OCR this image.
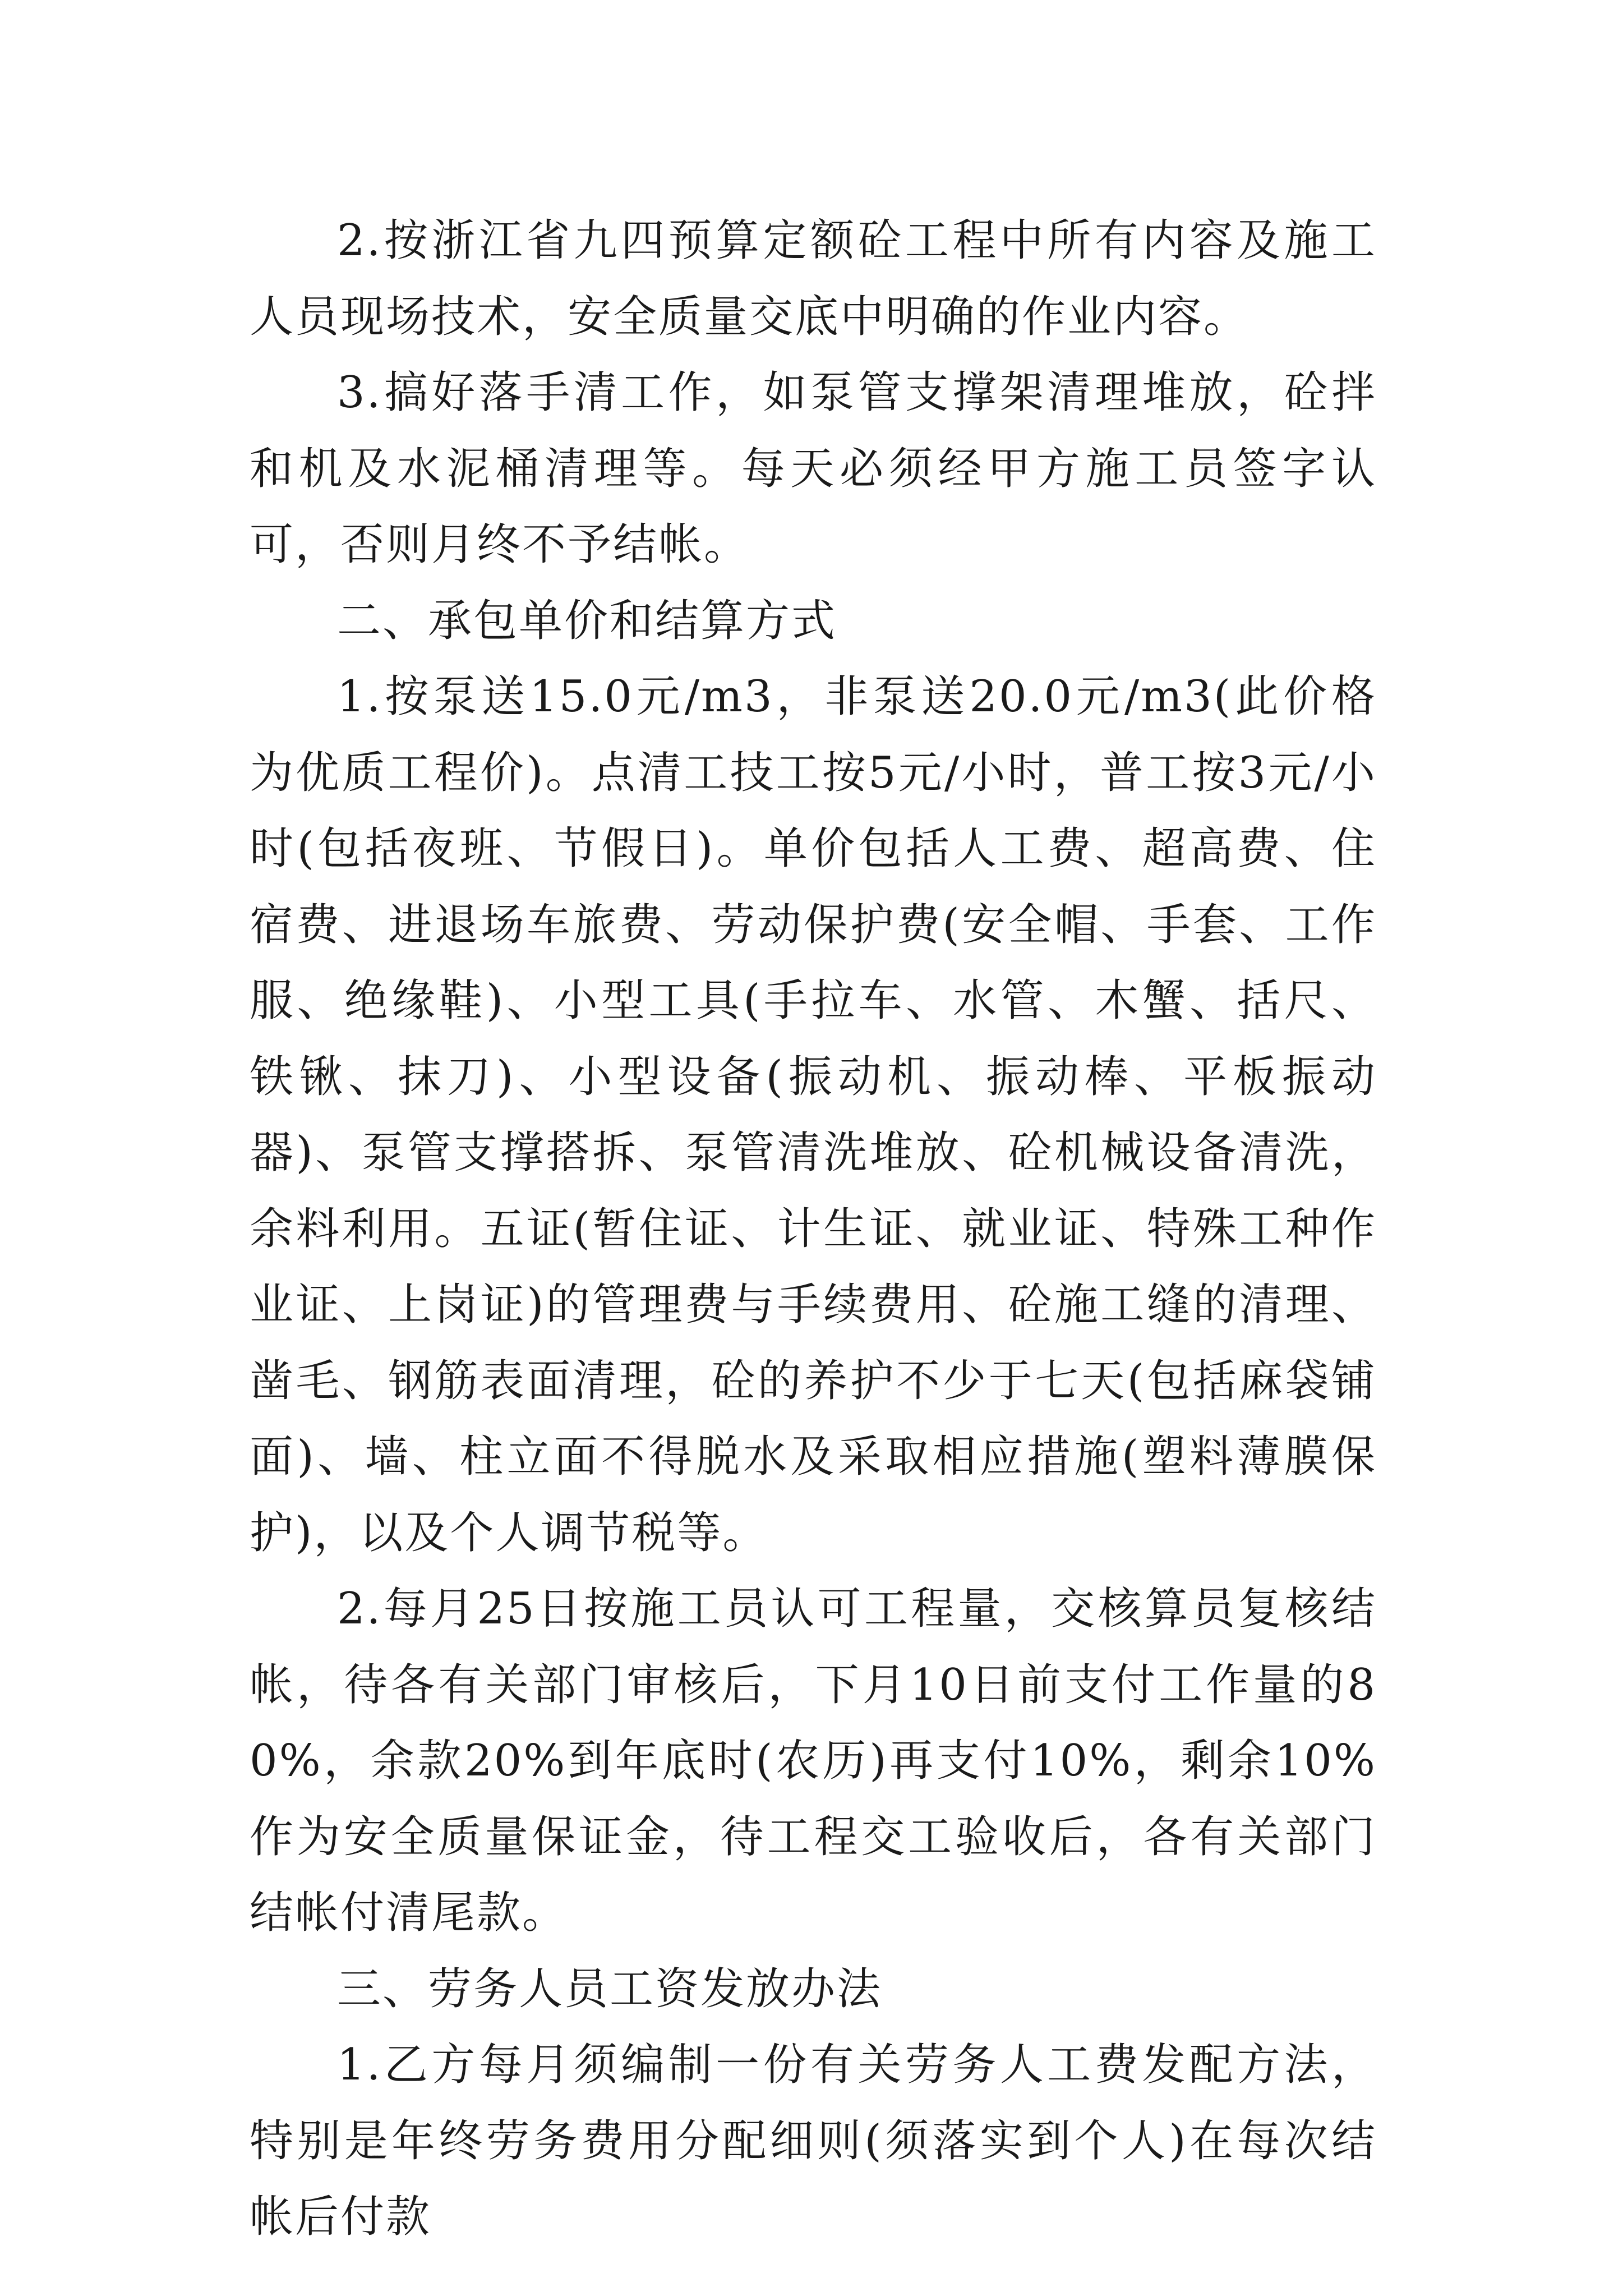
2.按浙江省九四预算定额砼工程中所有内容及施工人员现场技术，安全质量交底中明确的作业内容。

3.搞好落手清工作，如泵管支撑架清理堆放，砼拌和机及水泥桶清理等。每天必须经甲方施工员签字认可，否则月终不予结帐。

二、承包单价和结算方式

1.按泵送15.0元/m3，非泵送20.0元/m3(此价格为优质工程价)。点清工技工按5元/小时，普工按3元/小时(包括夜班、节假日)。单价包括人工费、超高费、住宿费、进退场车旅费、劳动保护费(安全帽、手套、工作服、绝缘鞋)、小型工具(手拉车、水管、木蟹、括尺、铁锹、抹刀)、小型设备(振动机、振动棒、平板振动器)、泵管支撑搭拆、泵管清洗堆放、砼机械设备清洗，余料利用。五证(暂住证、计生证、就业证、特殊工种作业证、上岗证)的管理费与手续费用、砼施工缝的清理、凿毛、钢筋表面清理，砼的养护不少于七天(包括麻袋铺面)、墙、柱立面不得脱水及采取相应措施(塑料薄膜保护)，以及个人调节税等。

2.每月25日按施工员认可工程量，交核算员复核结帐，待各有关部门审核后，下月10日前支付工作量的80%，余款20%到年底时(农历)再支付10%，剩余10%作为安全质量保证金，待工程交工验收后，各有关部门结帐付清尾款。

三、劳务人员工资发放办法

1.乙方每月须编制一份有关劳务人工费发配方法，特别是年终劳务费用分配细则(须落实到个人)在每次结帐后付款
